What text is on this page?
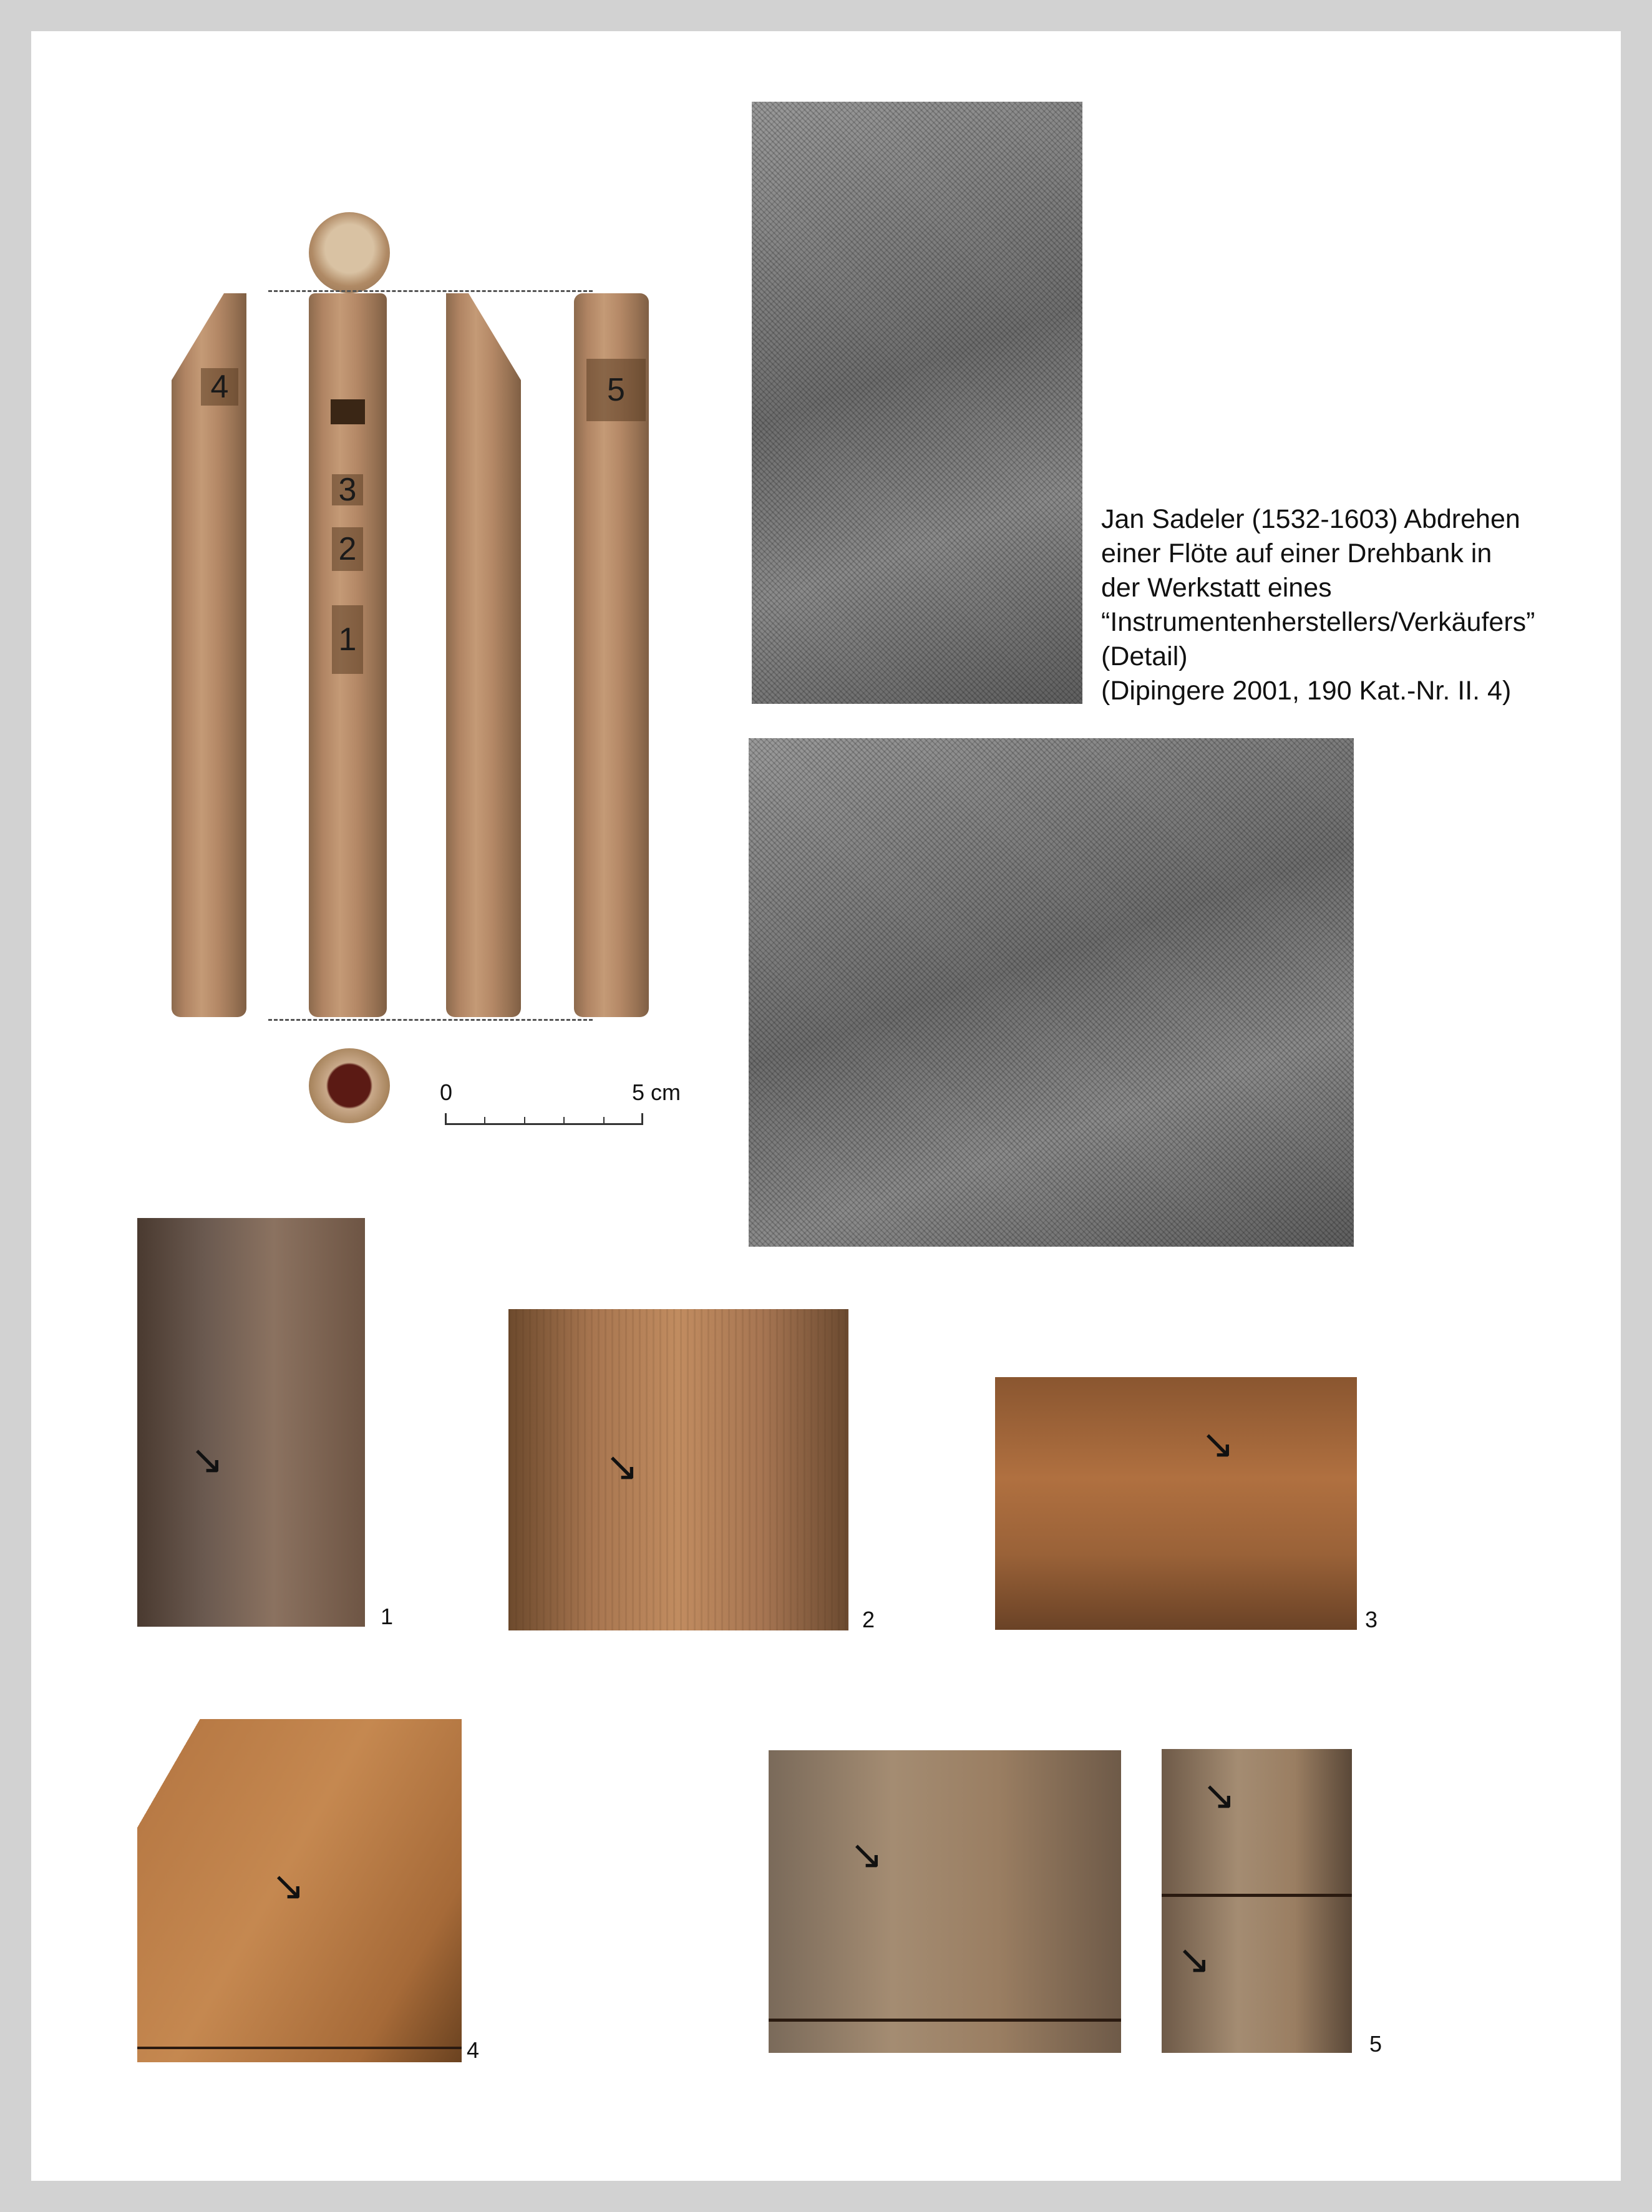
4
3
2
1
5
0	5 cm
Jan Sadeler (1532-1603) Abdrehen
einer Flöte auf einer Drehbank in
der Werkstatt eines
“Instrumentenherstellers/Verkäufers”
(Detail)
(Dipingere 2001, 190 Kat.-Nr. II. 4)
↘
1
↘
2
↘
3
↘
4
↘
↘
↘
5
